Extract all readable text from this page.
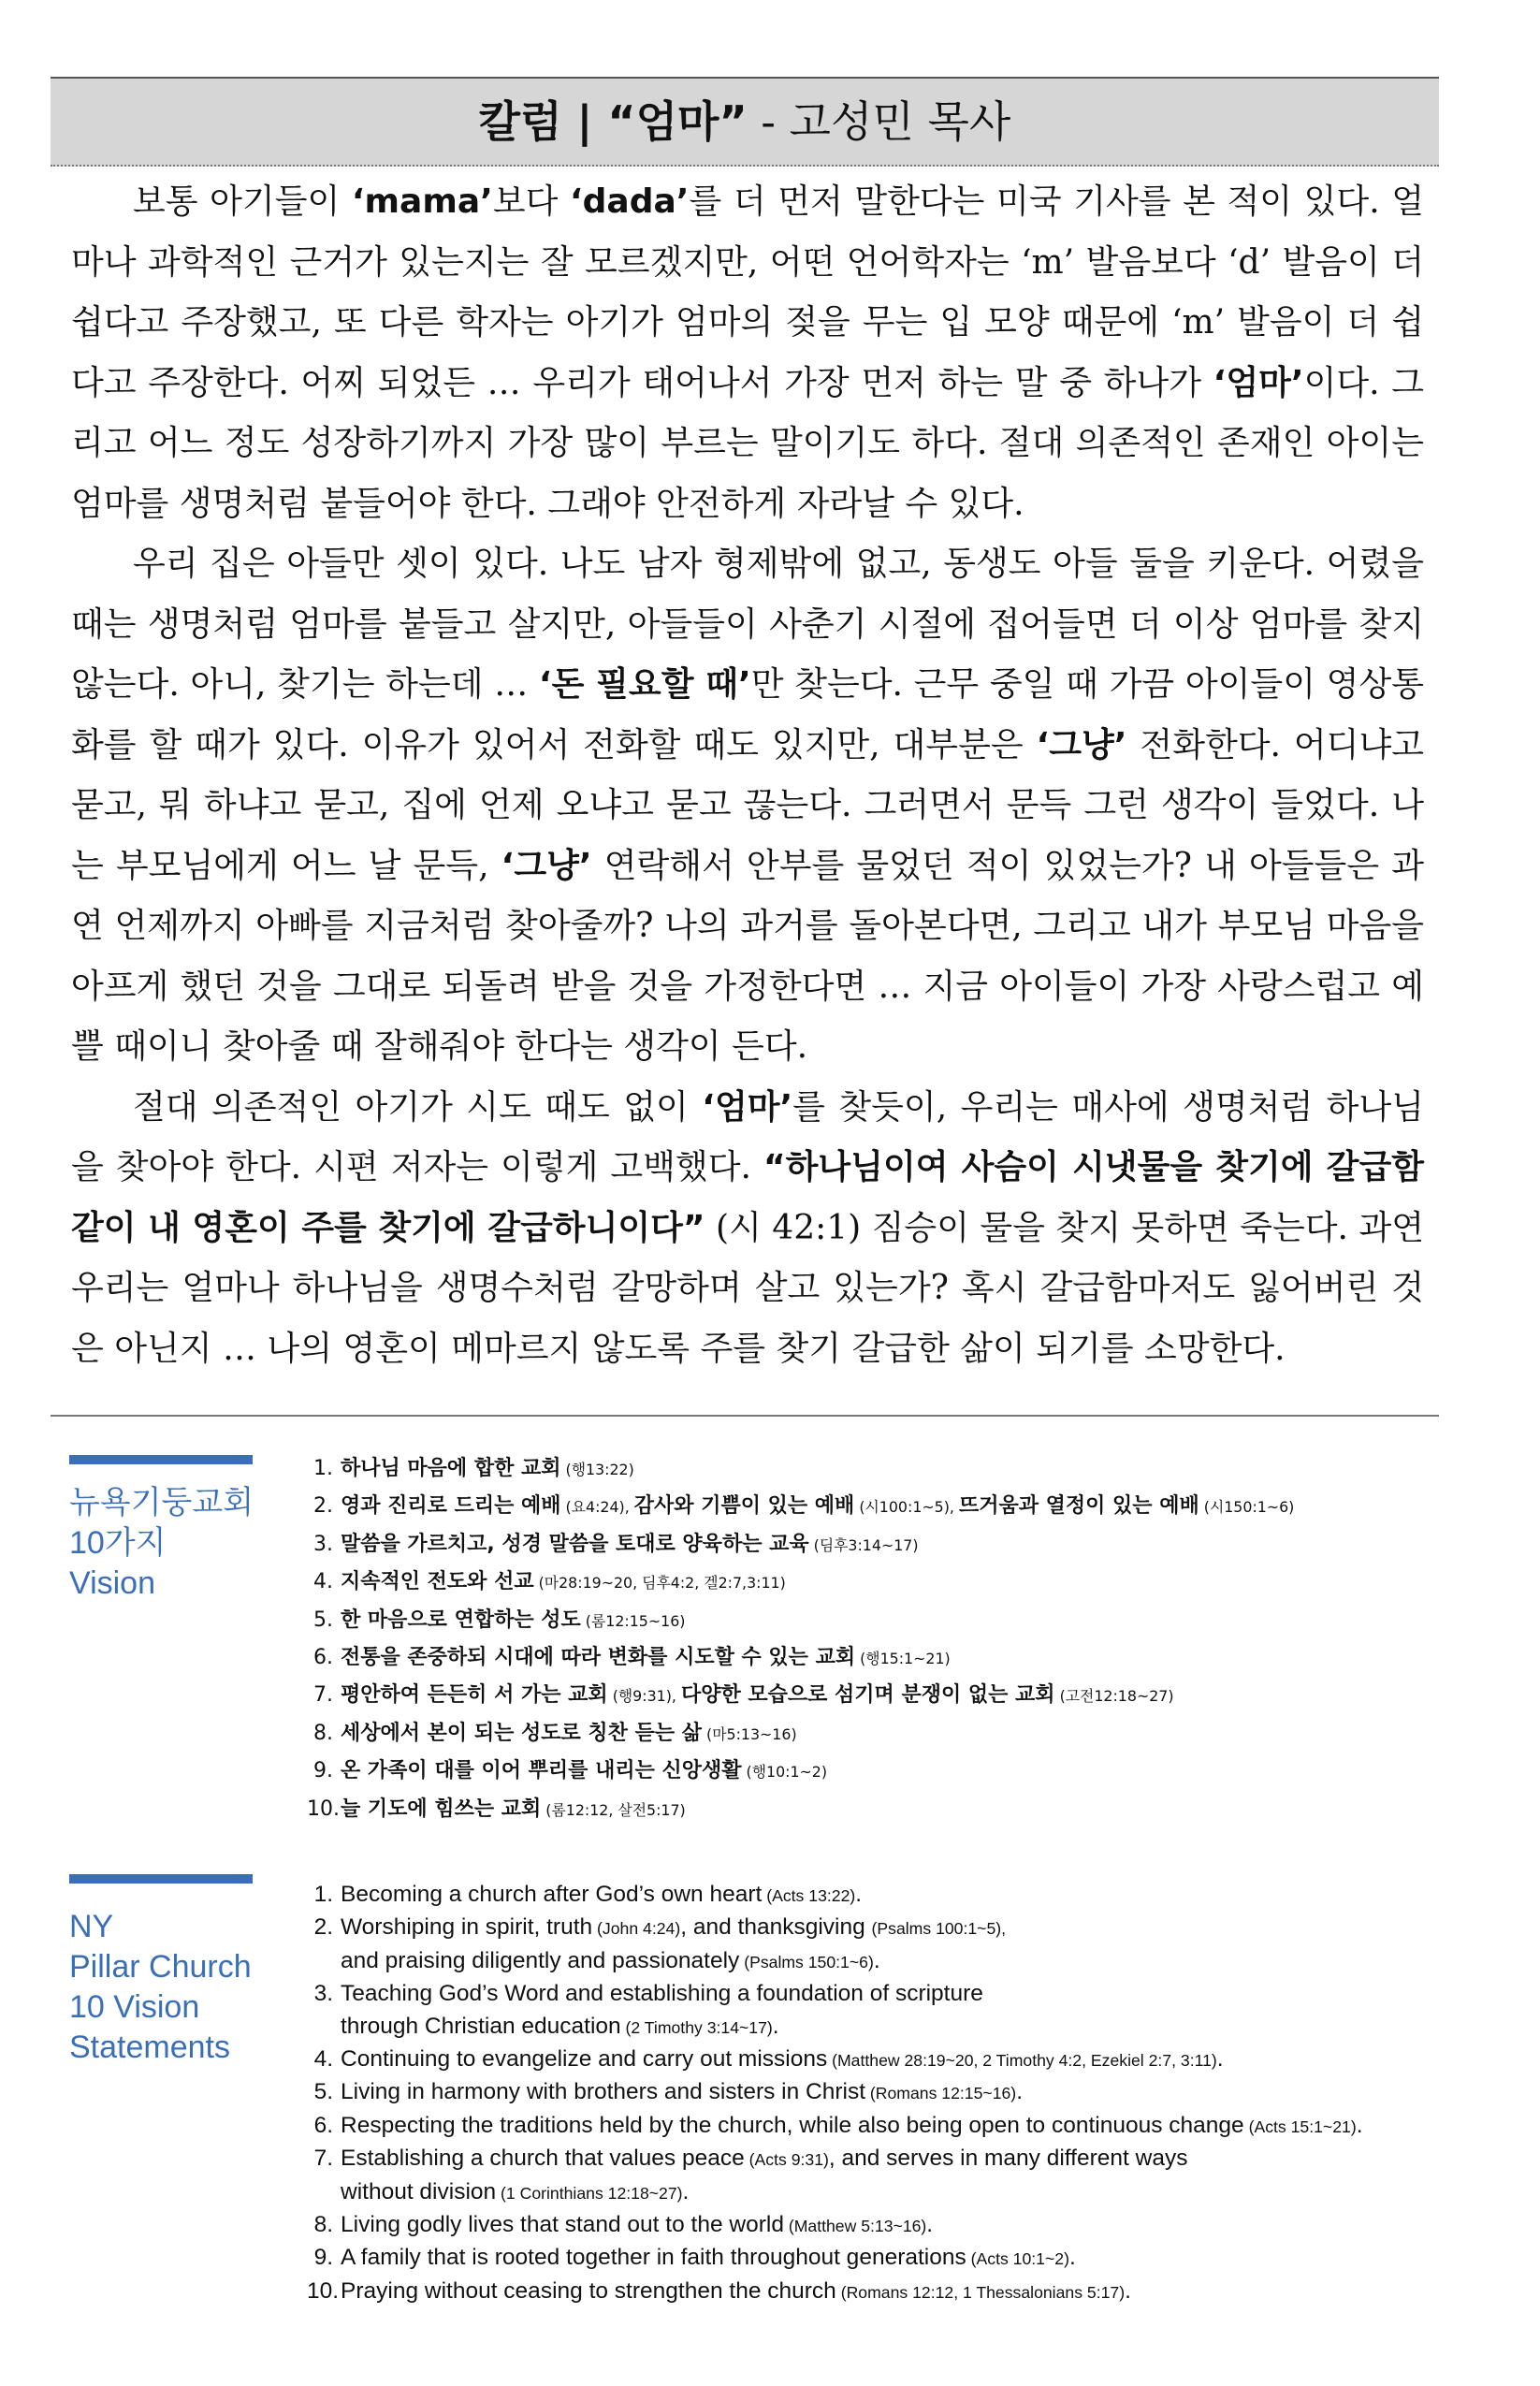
칼럼 | “엄마” - 고성민 목사

보통 아기들이 ‘mama’보다 ‘dada’를 더 먼저 말한다는 미국 기사를 본 적이 있다. 얼마나 과학적인 근거가 있는지는 잘 모르겠지만, 어떤 언어학자는 ‘m’ 발음보다 ‘d’ 발음이 더 쉽다고 주장했고, 또 다른 학자는 아기가 엄마의 젖을 무는 입 모양 때문에 ‘m’ 발음이 더 쉽다고 주장한다. 어찌 되었든 … 우리가 태어나서 가장 먼저 하는 말 중 하나가 ‘엄마’이다. 그리고 어느 정도 성장하기까지 가장 많이 부르는 말이기도 하다. 절대 의존적인 존재인 아이는 엄마를 생명처럼 붙들어야 한다. 그래야 안전하게 자라날 수 있다.

우리 집은 아들만 셋이 있다. 나도 남자 형제밖에 없고, 동생도 아들 둘을 키운다. 어렸을 때는 생명처럼 엄마를 붙들고 살지만, 아들들이 사춘기 시절에 접어들면 더 이상 엄마를 찾지 않는다. 아니, 찾기는 하는데 … ‘돈 필요할 때’만 찾는다. 근무 중일 때 가끔 아이들이 영상통화를 할 때가 있다. 이유가 있어서 전화할 때도 있지만, 대부분은 ‘그냥’ 전화한다. 어디냐고 묻고, 뭐 하냐고 묻고, 집에 언제 오냐고 묻고 끊는다. 그러면서 문득 그런 생각이 들었다. 나는 부모님에게 어느 날 문득, ‘그냥’ 연락해서 안부를 물었던 적이 있었는가? 내 아들들은 과연 언제까지 아빠를 지금처럼 찾아줄까? 나의 과거를 돌아본다면, 그리고 내가 부모님 마음을 아프게 했던 것을 그대로 되돌려 받을 것을 가정한다면 … 지금 아이들이 가장 사랑스럽고 예쁠 때이니 찾아줄 때 잘해줘야 한다는 생각이 든다.

절대 의존적인 아기가 시도 때도 없이 ‘엄마’를 찾듯이, 우리는 매사에 생명처럼 하나님을 찾아야 한다. 시편 저자는 이렇게 고백했다. “하나님이여 사슴이 시냇물을 찾기에 갈급함 같이 내 영혼이 주를 찾기에 갈급하니이다” (시 42:1) 짐승이 물을 찾지 못하면 죽는다. 과연 우리는 얼마나 하나님을 생명수처럼 갈망하며 살고 있는가? 혹시 갈급함마저도 잃어버린 것은 아닌지 … 나의 영혼이 메마르지 않도록 주를 찾기 갈급한 삶이 되기를 소망한다.

뉴욕기둥교회
10가지
Vision
1. 하나님 마음에 합한 교회 (행13:22)
2. 영과 진리로 드리는 예배 (요4:24), 감사와 기쁨이 있는 예배 (시100:1~5), 뜨거움과 열정이 있는 예배 (시150:1~6)
3. 말씀을 가르치고, 성경 말씀을 토대로 양육하는 교육 (딤후3:14~17)
4. 지속적인 전도와 선교 (마28:19~20, 딤후4:2, 겔2:7,3:11)
5. 한 마음으로 연합하는 성도 (롬12:15~16)
6. 전통을 존중하되 시대에 따라 변화를 시도할 수 있는 교회 (행15:1~21)
7. 평안하여 든든히 서 가는 교회 (행9:31), 다양한 모습으로 섬기며 분쟁이 없는 교회 (고전12:18~27)
8. 세상에서 본이 되는 성도로 칭찬 듣는 삶 (마5:13~16)
9. 온 가족이 대를 이어 뿌리를 내리는 신앙생활 (행10:1~2)
10.늘 기도에 힘쓰는 교회 (롬12:12, 살전5:17)
NY
Pillar Church
10 Vision
Statements
1. Becoming a church after God’s own heart (Acts 13:22).
2. Worshiping in spirit, truth (John 4:24), and thanksgiving (Psalms 100:1~5),
and praising diligently and passionately (Psalms 150:1~6).
3. Teaching God’s Word and establishing a foundation of scripture
through Christian education (2 Timothy 3:14~17).
4. Continuing to evangelize and carry out missions (Matthew 28:19~20, 2 Timothy 4:2, Ezekiel 2:7, 3:11).
5. Living in harmony with brothers and sisters in Christ (Romans 12:15~16).
6. Respecting the traditions held by the church, while also being open to continuous change (Acts 15:1~21).
7. Establishing a church that values peace (Acts 9:31), and serves in many different ways
without division (1 Corinthians 12:18~27).
8. Living godly lives that stand out to the world (Matthew 5:13~16).
9. A family that is rooted together in faith throughout generations (Acts 10:1~2).
10.Praying without ceasing to strengthen the church (Romans 12:12, 1 Thessalonians 5:17).
